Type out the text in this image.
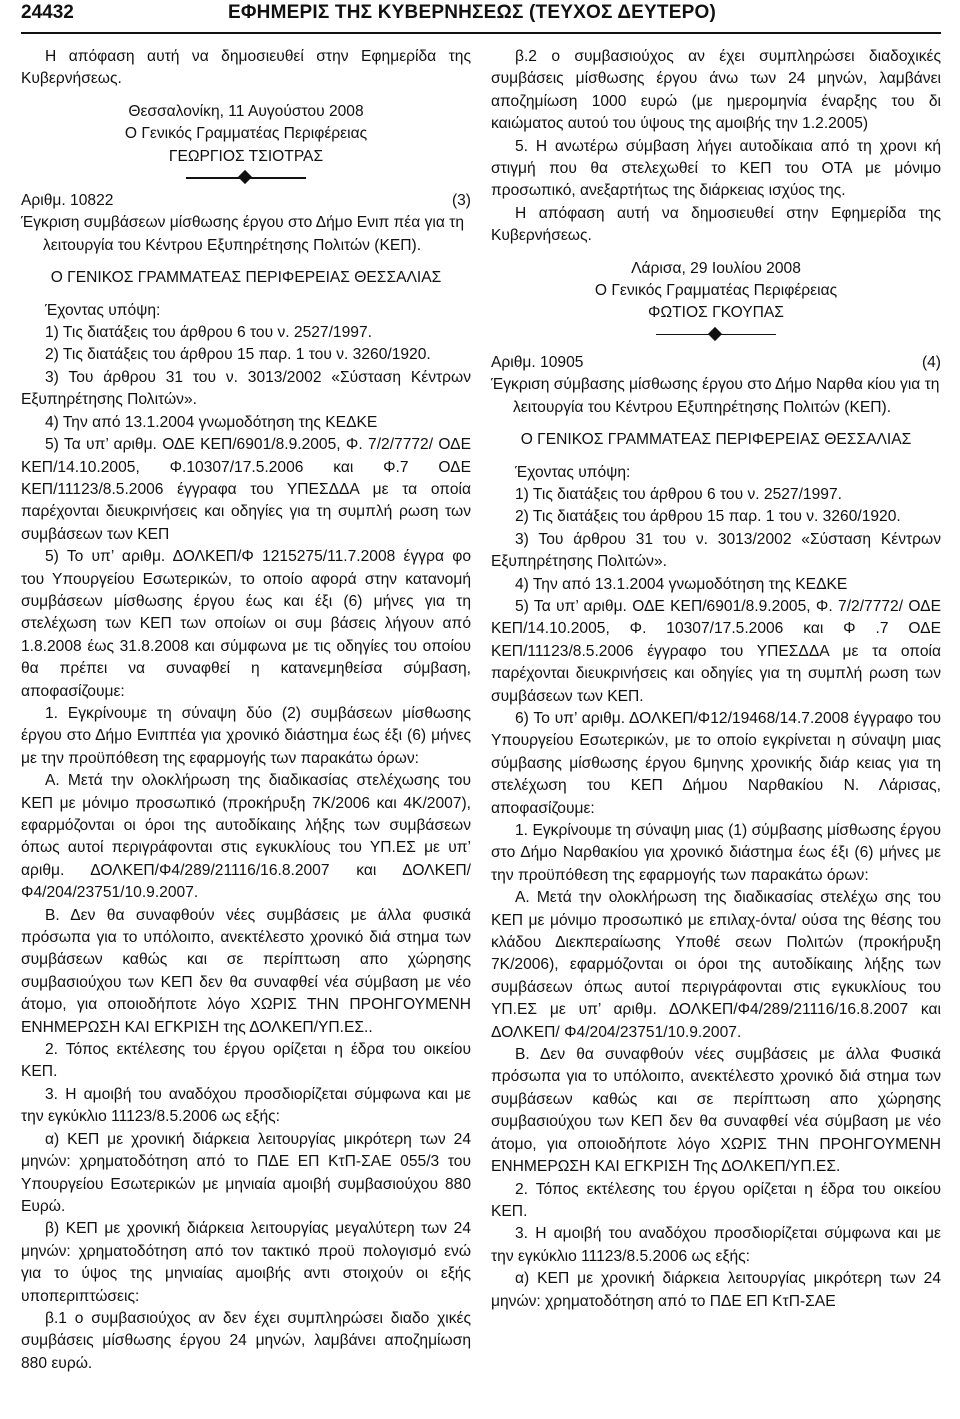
24432	ΕΦΗΜΕΡΙΣ ΤΗΣ ΚΥΒΕΡΝΗΣΕΩΣ (ΤΕΥΧΟΣ ΔΕΥΤΕΡΟ)

Η απόφαση αυτή να δημοσιευθεί στην Εφημερίδα της Κυβερνήσεως.

Θεσσαλονίκη, 11 Αυγούστου 2008

Ο Γενικός Γραμματέας Περιφέρειας

ΓΕΩΡΓΙΟΣ ΤΣΙΟΤΡΑΣ

Αριθμ. 10822	(3)

Έγκριση συμβάσεων μίσθωσης έργου στο Δήμο Ενιπ πέα για τη λειτουργία του Κέντρου Εξυπηρέτησης Πολιτών (ΚΕΠ).

Ο ΓΕΝΙΚΟΣ ΓΡΑΜΜΑΤΕΑΣ ΠΕΡΙΦΕΡΕΙΑΣ ΘΕΣΣΑΛΙΑΣ

Έχοντας υπόψη:

1) Τις διατάξεις του άρθρου 6 του ν. 2527/1997.

2) Τις διατάξεις του άρθρου 15 παρ. 1 του ν. 3260/1920.

3) Του άρθρου 31 του ν. 3013/2002 «Σύσταση Κέντρων Εξυπηρέτησης Πολιτών».

4) Την από 13.1.2004 γνωμοδότηση της ΚΕΔΚΕ

5) Τα υπ’ αριθμ. ΟΔΕ ΚΕΠ/6901/8.9.2005, Φ. 7/2/7772/ ΟΔΕ ΚΕΠ/14.10.2005, Φ.10307/17.5.2006 και Φ.7 ΟΔΕ ΚΕΠ/11123/8.5.2006 έγγραφα του ΥΠΕΣΔΔΑ με τα οποία παρέχονται διευκρινήσεις και οδηγίες για τη συμπλή ρωση των συμβάσεων των ΚΕΠ

5) Το υπ’ αριθμ. ΔΟΛΚΕΠ/Φ 1215275/11.7.2008 έγγρα φο του Υπουργείου Εσωτερικών, το οποίο αφορά στην κατανομή συμβάσεων μίσθωσης έργου έως και έξι (6) μήνες για τη στελέχωση των ΚΕΠ των οποίων οι συμ βάσεις λήγουν από 1.8.2008 έως 31.8.2008 και σύμφωνα με τις οδηγίες του οποίου θα πρέπει να συναφθεί η κατανεμηθείσα σύμβαση, αποφασίζουμε:

1. Εγκρίνουμε τη σύναψη δύο (2) συμβάσεων μίσθωσης έργου στο Δήμο Ενιππέα για χρονικό διάστημα έως έξι (6) μήνες με την προϋπόθεση της εφαρμογής των παρακάτω όρων:

Α. Μετά την ολοκλήρωση της διαδικασίας στελέχωσης του ΚΕΠ με μόνιμο προσωπικό (προκήρυξη 7Κ/2006 και 4Κ/2007), εφαρμόζονται οι όροι της αυτοδίκαιης λήξης των συμβάσεων όπως αυτοί περιγράφονται στις εγκυκλίους του ΥΠ.ΕΣ με υπ’ αριθμ. ΔΟΛΚΕΠ/Φ4/289/21116/16.8.2007 και ΔΟΛΚΕΠ/Φ4/204/23751/10.9.2007.

Β. Δεν θα συναφθούν νέες συμβάσεις με άλλα φυσικά πρόσωπα για το υπόλοιπο, ανεκτέλεστο χρονικό διά στημα των συμβάσεων καθώς και σε περίπτωση απο χώρησης συμβασιούχου των ΚΕΠ δεν θα συναφθεί νέα σύμβαση με νέο άτομο, για οποιοδήποτε λόγο ΧΩΡΙΣ ΤΗΝ ΠΡΟΗΓΟΥΜΕΝΗ ΕΝΗΜΕΡΩΣΗ ΚΑΙ ΕΓΚΡΙΣΗ της ΔΟΛΚΕΠ/ΥΠ.ΕΣ..

2. Τόπος εκτέλεσης του έργου ορίζεται η έδρα του οικείου ΚΕΠ.

3. Η αμοιβή του αναδόχου προσδιορίζεται σύμφωνα και με την εγκύκλιο 11123/8.5.2006 ως εξής:

α) ΚΕΠ με χρονική διάρκεια λειτουργίας μικρότερη των 24 μηνών: χρηματοδότηση από το ΠΔΕ ΕΠ ΚτΠ-ΣΑΕ 055/3 του Υπουργείου Εσωτερικών με μηνιαία αμοιβή συμβασιούχου 880 Ευρώ.

β) ΚΕΠ με χρονική διάρκεια λειτουργίας μεγαλύτερη των 24 μηνών: χρηματοδότηση από τον τακτικό προϋ πολογισμό ενώ για το ύψος της μηνιαίας αμοιβής αντι στοιχούν οι εξής υποπεριπτώσεις:

β.1 ο συμβασιούχος αν δεν έχει συμπληρώσει διαδο χικές συμβάσεις μίσθωσης έργου 24 μηνών, λαμβάνει αποζημίωση 880 ευρώ.

β.2 ο συμβασιούχος αν έχει συμπληρώσει διαδοχικές συμβάσεις μίσθωσης έργου άνω των 24 μηνών, λαμβάνει αποζημίωση 1000 ευρώ (με ημερομηνία έναρξης του δι καιώματος αυτού του ύψους της αμοιβής την 1.2.2005)

5. Η ανωτέρω σύμβαση λήγει αυτοδίκαια από τη χρονι κή στιγμή που θα στελεχωθεί το ΚΕΠ του ΟΤΑ με μόνιμο προσωπικό, ανεξαρτήτως της διάρκειας ισχύος της.

Η απόφαση αυτή να δημοσιευθεί στην Εφημερίδα της Κυβερνήσεως.

Λάρισα, 29 Ιουλίου 2008

Ο Γενικός Γραμματέας Περιφέρειας

ΦΩΤΙΟΣ ΓΚΟΥΠΑΣ

Αριθμ. 10905	(4)

Έγκριση σύμβασης μίσθωσης έργου στο Δήμο Ναρθα κίου για τη λειτουργία του Κέντρου Εξυπηρέτησης Πολιτών (ΚΕΠ).

Ο ΓΕΝΙΚΟΣ ΓΡΑΜΜΑΤΕΑΣ ΠΕΡΙΦΕΡΕΙΑΣ ΘΕΣΣΑΛΙΑΣ

Έχοντας υπόψη:

1) Τις διατάξεις του άρθρου 6 του ν. 2527/1997.

2) Τις διατάξεις του άρθρου 15 παρ. 1 του ν. 3260/1920.

3) Του άρθρου 31 του ν. 3013/2002 «Σύσταση Κέντρων Εξυπηρέτησης Πολιτών».

4) Την από 13.1.2004 γνωμοδότηση της ΚΕΔΚΕ

5) Τα υπ’ αριθμ. ΟΔΕ ΚΕΠ/6901/8.9.2005, Φ. 7/2/7772/ ΟΔΕ ΚΕΠ/14.10.2005, Φ. 10307/17.5.2006 και Φ .7 ΟΔΕ ΚΕΠ/11123/8.5.2006 έγγραφο του ΥΠΕΣΔΔΑ με τα οποία παρέχονται διευκρινήσεις και οδηγίες για τη συμπλή ρωση των συμβάσεων των ΚΕΠ.

6) Το υπ’ αριθμ. ΔΟΛΚΕΠ/Φ12/19468/14.7.2008 έγγραφο του Υπουργείου Εσωτερικών, με το οποίο εγκρίνεται η σύναψη μιας σύμβασης μίσθωσης έργου 6μηνης χρονικής διάρ κειας για τη στελέχωση του ΚΕΠ Δήμου Ναρθακίου Ν. Λάρισας, αποφασίζουμε:

1. Εγκρίνουμε τη σύναψη μιας (1) σύμβασης μίσθωσης έργου στο Δήμο Ναρθακίου για χρονικό διάστημα έως έξι (6) μήνες με την προϋπόθεση της εφαρμογής των παρακάτω όρων:

Α. Μετά την ολοκλήρωση της διαδικασίας στελέχω σης του ΚΕΠ με μόνιμο προσωπικό με επιλαχ-όντα/ ούσα της θέσης του κλάδου Διεκπεραίωσης Υποθέ σεων Πολιτών (προκήρυξη 7Κ/2006), εφαρμόζονται οι όροι της αυτοδίκαιης λήξης των συμβάσεων όπως αυτοί περιγράφονται στις εγκυκλίους του ΥΠ.ΕΣ με υπ’ αριθμ. ΔΟΛΚΕΠ/Φ4/289/21116/16.8.2007 και ΔΟΛΚΕΠ/ Φ4/204/23751/10.9.2007.

Β. Δεν θα συναφθούν νέες συμβάσεις με άλλα Φυσικά πρόσωπα για το υπόλοιπο, ανεκτέλεστο χρονικό διά στημα των συμβάσεων καθώς και σε περίπτωση απο χώρησης συμβασιούχου των ΚΕΠ δεν θα συναφθεί νέα σύμβαση με νέο άτομο, για οποιοδήποτε λόγο ΧΩΡΙΣ ΤΗΝ ΠΡΟΗΓΟΥΜΕΝΗ ΕΝΗΜΕΡΩΣΗ ΚΑΙ ΕΓΚΡΙΣΗ Της ΔΟΛΚΕΠ/ΥΠ.ΕΣ.

2. Τόπος εκτέλεσης του έργου ορίζεται η έδρα του οικείου ΚΕΠ.

3. Η αμοιβή του αναδόχου προσδιορίζεται σύμφωνα και με την εγκύκλιο 11123/8.5.2006 ως εξής:

α) ΚΕΠ με χρονική διάρκεια λειτουργίας μικρότερη των 24 μηνών: χρηματοδότηση από το ΠΔΕ ΕΠ ΚτΠ-ΣΑΕ
